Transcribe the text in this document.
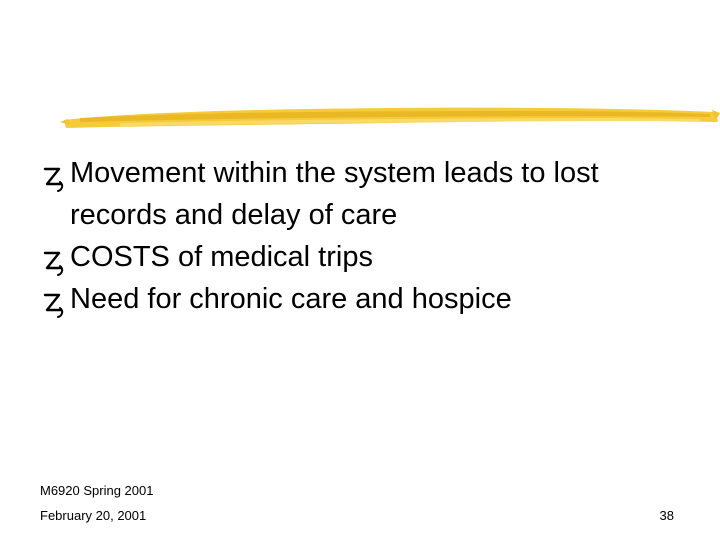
Movement within the system leads to lost
records and delay of care
COSTS of medical trips
Need for chronic care and hospice
M6920 Spring 2001
February 20, 2001	38
